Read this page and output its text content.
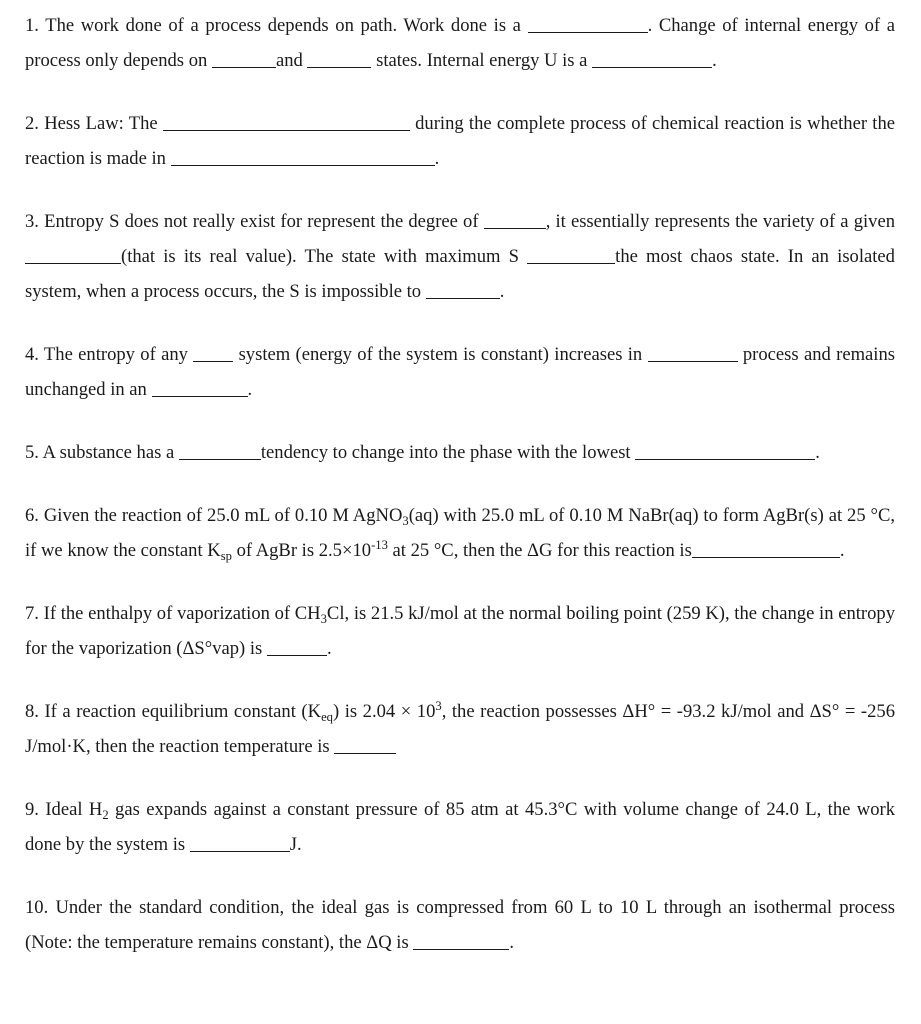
1. The work done of a process depends on path. Work done is a	. Change of internal energy of a process only depends on	and	states. Internal energy U is a	.

2. Hess Law: The	during the complete process of chemical reaction is whether the reaction is made in	.

3. Entropy S does not really exist for represent the degree of	, it essentially represents the variety of a given (that is its real value). The state with maximum S	the most chaos state. In an isolated system, when a process occurs, the S is impossible to	.

4. The entropy of any  system (energy of the system is constant) increases in	process and remains unchanged in an	.

5. A substance has a	tendency to change into the phase with the lowest	.

6. Given the reaction of 25.0 mL of 0.10 M AgNO$_3$(aq) with 25.0 mL of 0.10 M NaBr(aq) to form AgBr(s) at 25 °C, if we know the constant $K_{sp}$ of AgBr is $2.5\times 10^{-13}$ at 25 °C, then the ΔG for this reaction is	.

7. If the enthalpy of vaporization of $CH_3Cl$, is 21.5 kJ/mol at the normal boiling point (259 K), the change in entropy for the vaporization (ΔS°vap) is	.

8. If a reaction equilibrium constant $(K_{eq})$ is $2.04 \times 10^3$, the reaction possesses ΔH° = -93.2 kJ/mol and ΔS° = -256 J/mol·K, then the reaction temperature is

9. Ideal $H_2$ gas expands against a constant pressure of 85 atm at 45.3°C with volume change of 24.0 L, the work done by the system is	J.

10. Under the standard condition, the ideal gas is compressed from 60 L to 10 L through an isothermal process (Note: the temperature remains constant), the ΔQ is	.
